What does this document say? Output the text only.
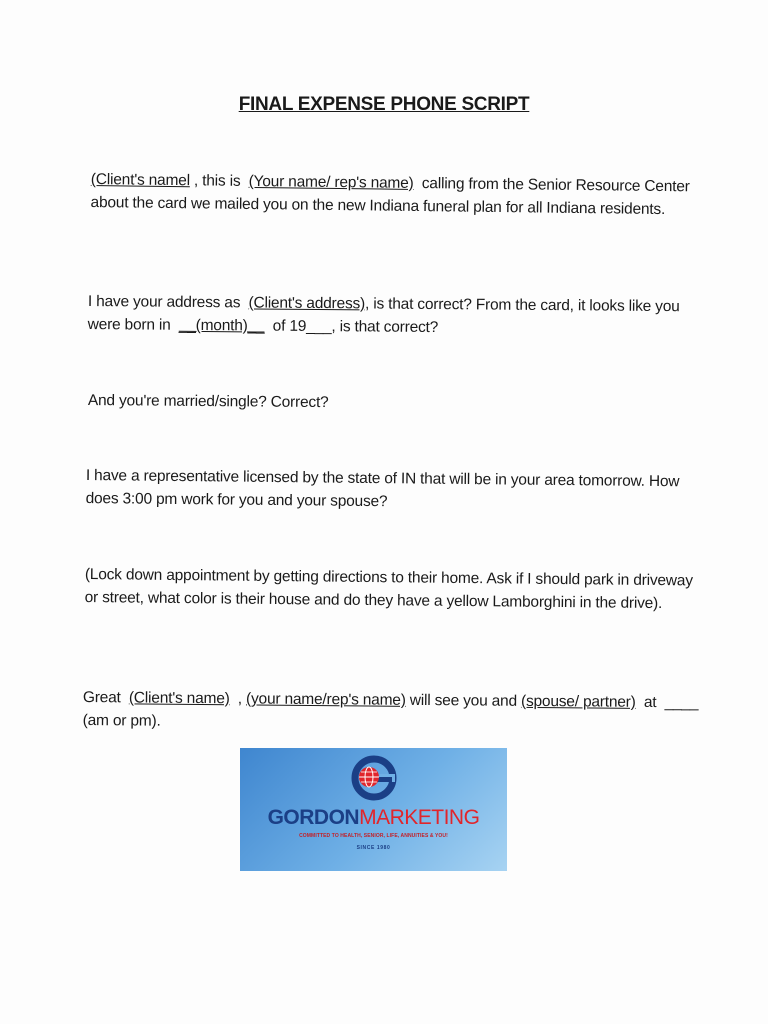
FINAL EXPENSE PHONE SCRIPT
(Client's namel , this is (Your name/ rep's name) calling from the Senior Resource Center about the card we mailed you on the new Indiana funeral plan for all Indiana residents.
I have your address as (Client's address), is that correct? From the card, it looks like you were born in __(month)__ of 19___, is that correct?
And you're married/single? Correct?
I have a representative licensed by the state of IN that will be in your area tomorrow. How does 3:00 pm work for you and your spouse?
(Lock down appointment by getting directions to their home. Ask if I should park in driveway or street, what color is their house and do they have a yellow Lamborghini in the drive).
Great (Client's name) , (your name/rep's name) will see you and (spouse/ partner) at ____  (am or pm).
GORDONMARKETING
COMMITTED TO HEALTH, SENIOR, LIFE, ANNUITIES & YOU!
SINCE 1980
